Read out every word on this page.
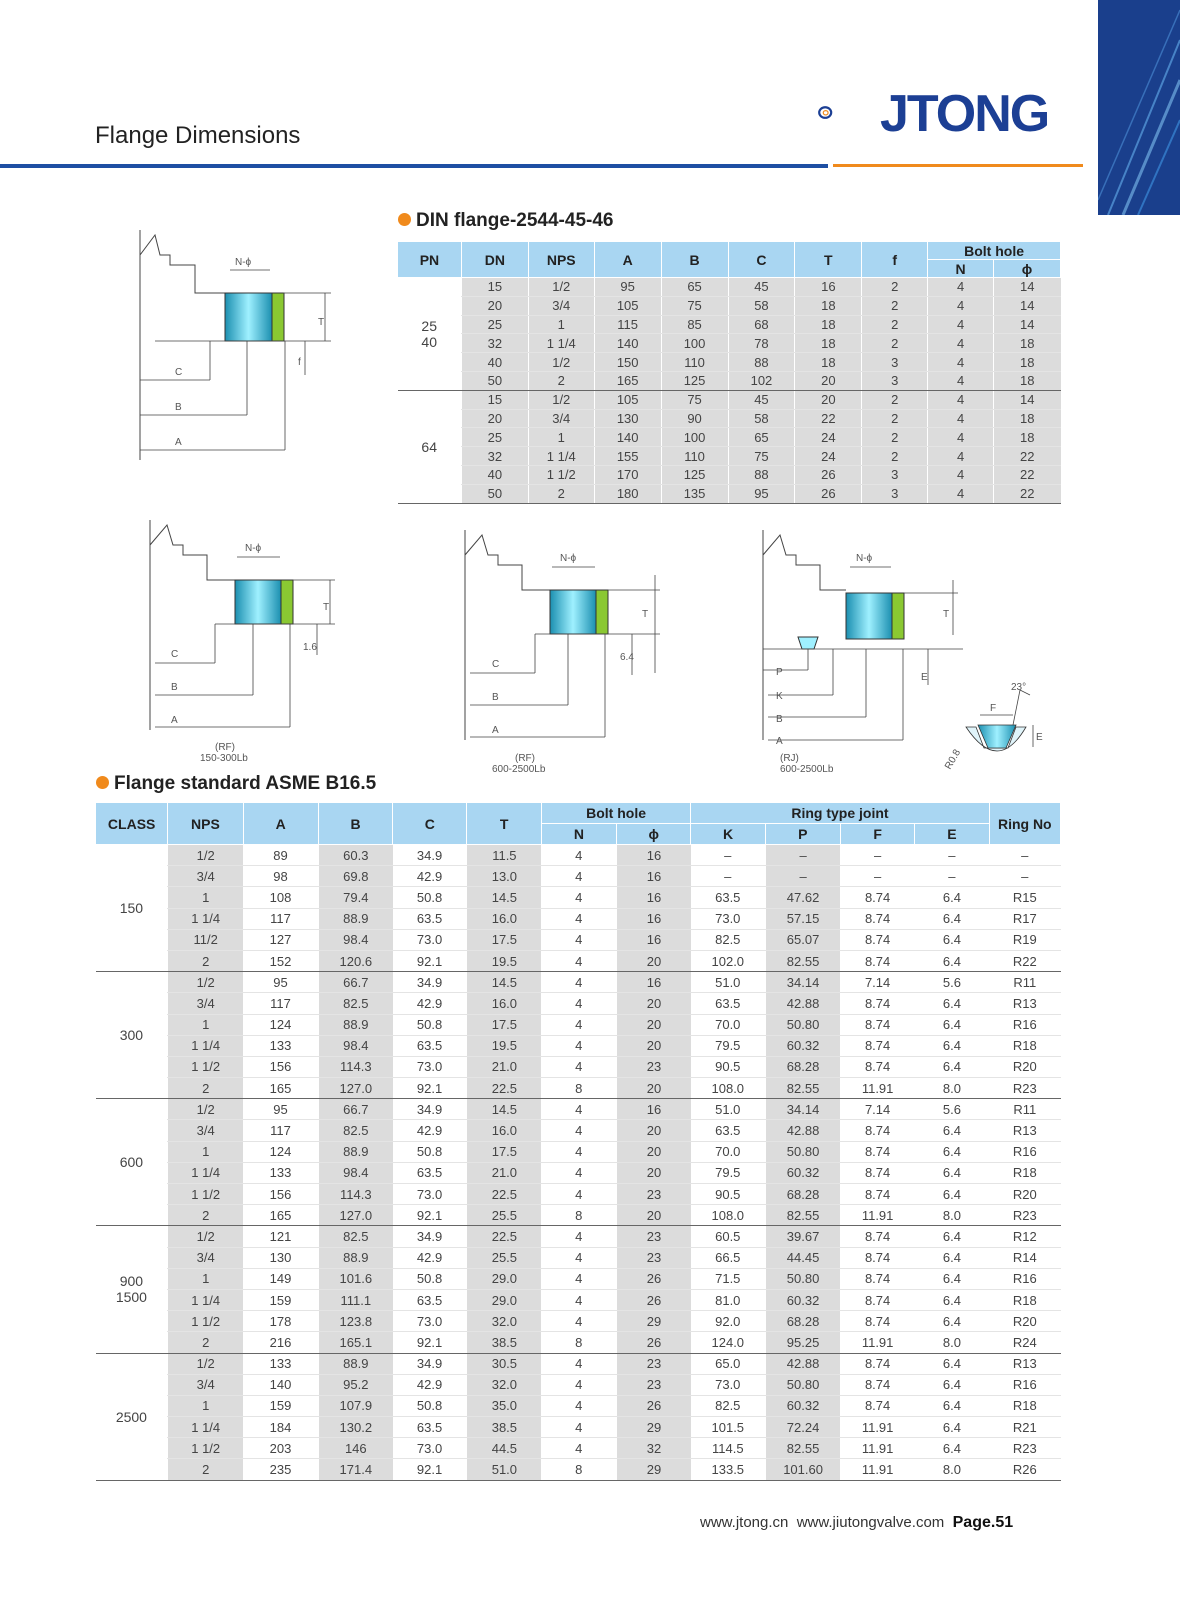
Flange Dimensions	JTONG
N-ϕ
C
B
A
T
f
DIN flange-2544-45-46
PN	DN	NPS	A	B	C	T	f	Bolt hole	
								N	ϕ

25
40	15	1/2	95	65	45	16	2	4	14
	20	3/4	105	75	58	18	2	4	14
	25	1	115	85	68	18	2	4	14
	32	1 1/4	140	100	78	18	2	4	18
	40	1/2	150	110	88	18	3	4	18
	50	2	165	125	102	20	3	4	18

64	15	1/2	105	75	45	20	2	4	14
	20	3/4	130	90	58	22	2	4	18
	25	1	140	100	65	24	2	4	18
	32	1 1/4	155	110	75	24	2	4	22
	40	1 1/2	170	125	88	26	3	4	22
	50	2	180	135	95	26	3	4	22
N-ϕ
C
B
A
T
1.6
(RF)
150-300Lb
N-ϕ
C
B
A
T
6.4
(RF)
600-2500Lb
N-ϕ
P
K
B
A
T
E
(RJ)
600-2500Lb
F
23°
E
R0.8
Flange standard ASME B16.5
CLASS	NPS	A	B	C	T	Bolt hole		Ring type joint				Ring No
						N	ϕ	K	P	F	E	

150	1/2	89	60.3	34.9	11.5	4	16	–	–	–	–	–
	3/4	98	69.8	42.9	13.0	4	16	–	–	–	–	–
	1	108	79.4	50.8	14.5	4	16	63.5	47.62	8.74	6.4	R15
	1 1/4	117	88.9	63.5	16.0	4	16	73.0	57.15	8.74	6.4	R17
	11/2	127	98.4	73.0	17.5	4	16	82.5	65.07	8.74	6.4	R19
	2	152	120.6	92.1	19.5	4	20	102.0	82.55	8.74	6.4	R22

300	1/2	95	66.7	34.9	14.5	4	16	51.0	34.14	7.14	5.6	R11
	3/4	117	82.5	42.9	16.0	4	20	63.5	42.88	8.74	6.4	R13
	1	124	88.9	50.8	17.5	4	20	70.0	50.80	8.74	6.4	R16
	1 1/4	133	98.4	63.5	19.5	4	20	79.5	60.32	8.74	6.4	R18
	1 1/2	156	114.3	73.0	21.0	4	23	90.5	68.28	8.74	6.4	R20
	2	165	127.0	92.1	22.5	8	20	108.0	82.55	11.91	8.0	R23

600	1/2	95	66.7	34.9	14.5	4	16	51.0	34.14	7.14	5.6	R11
	3/4	117	82.5	42.9	16.0	4	20	63.5	42.88	8.74	6.4	R13
	1	124	88.9	50.8	17.5	4	20	70.0	50.80	8.74	6.4	R16
	1 1/4	133	98.4	63.5	21.0	4	20	79.5	60.32	8.74	6.4	R18
	1 1/2	156	114.3	73.0	22.5	4	23	90.5	68.28	8.74	6.4	R20
	2	165	127.0	92.1	25.5	8	20	108.0	82.55	11.91	8.0	R23

900
1500	1/2	121	82.5	34.9	22.5	4	23	60.5	39.67	8.74	6.4	R12
	3/4	130	88.9	42.9	25.5	4	23	66.5	44.45	8.74	6.4	R14
	1	149	101.6	50.8	29.0	4	26	71.5	50.80	8.74	6.4	R16
	1 1/4	159	111.1	63.5	29.0	4	26	81.0	60.32	8.74	6.4	R18
	1 1/2	178	123.8	73.0	32.0	4	29	92.0	68.28	8.74	6.4	R20
	2	216	165.1	92.1	38.5	8	26	124.0	95.25	11.91	8.0	R24

2500	1/2	133	88.9	34.9	30.5	4	23	65.0	42.88	8.74	6.4	R13
	3/4	140	95.2	42.9	32.0	4	23	73.0	50.80	8.74	6.4	R16
	1	159	107.9	50.8	35.0	4	26	82.5	60.32	8.74	6.4	R18
	1 1/4	184	130.2	63.5	38.5	4	29	101.5	72.24	11.91	6.4	R21
	1 1/2	203	146	73.0	44.5	4	32	114.5	82.55	11.91	6.4	R23
	2	235	171.4	92.1	51.0	8	29	133.5	101.60	11.91	8.0	R26
www.jtong.cn www.jiutongvalve.com Page.51
